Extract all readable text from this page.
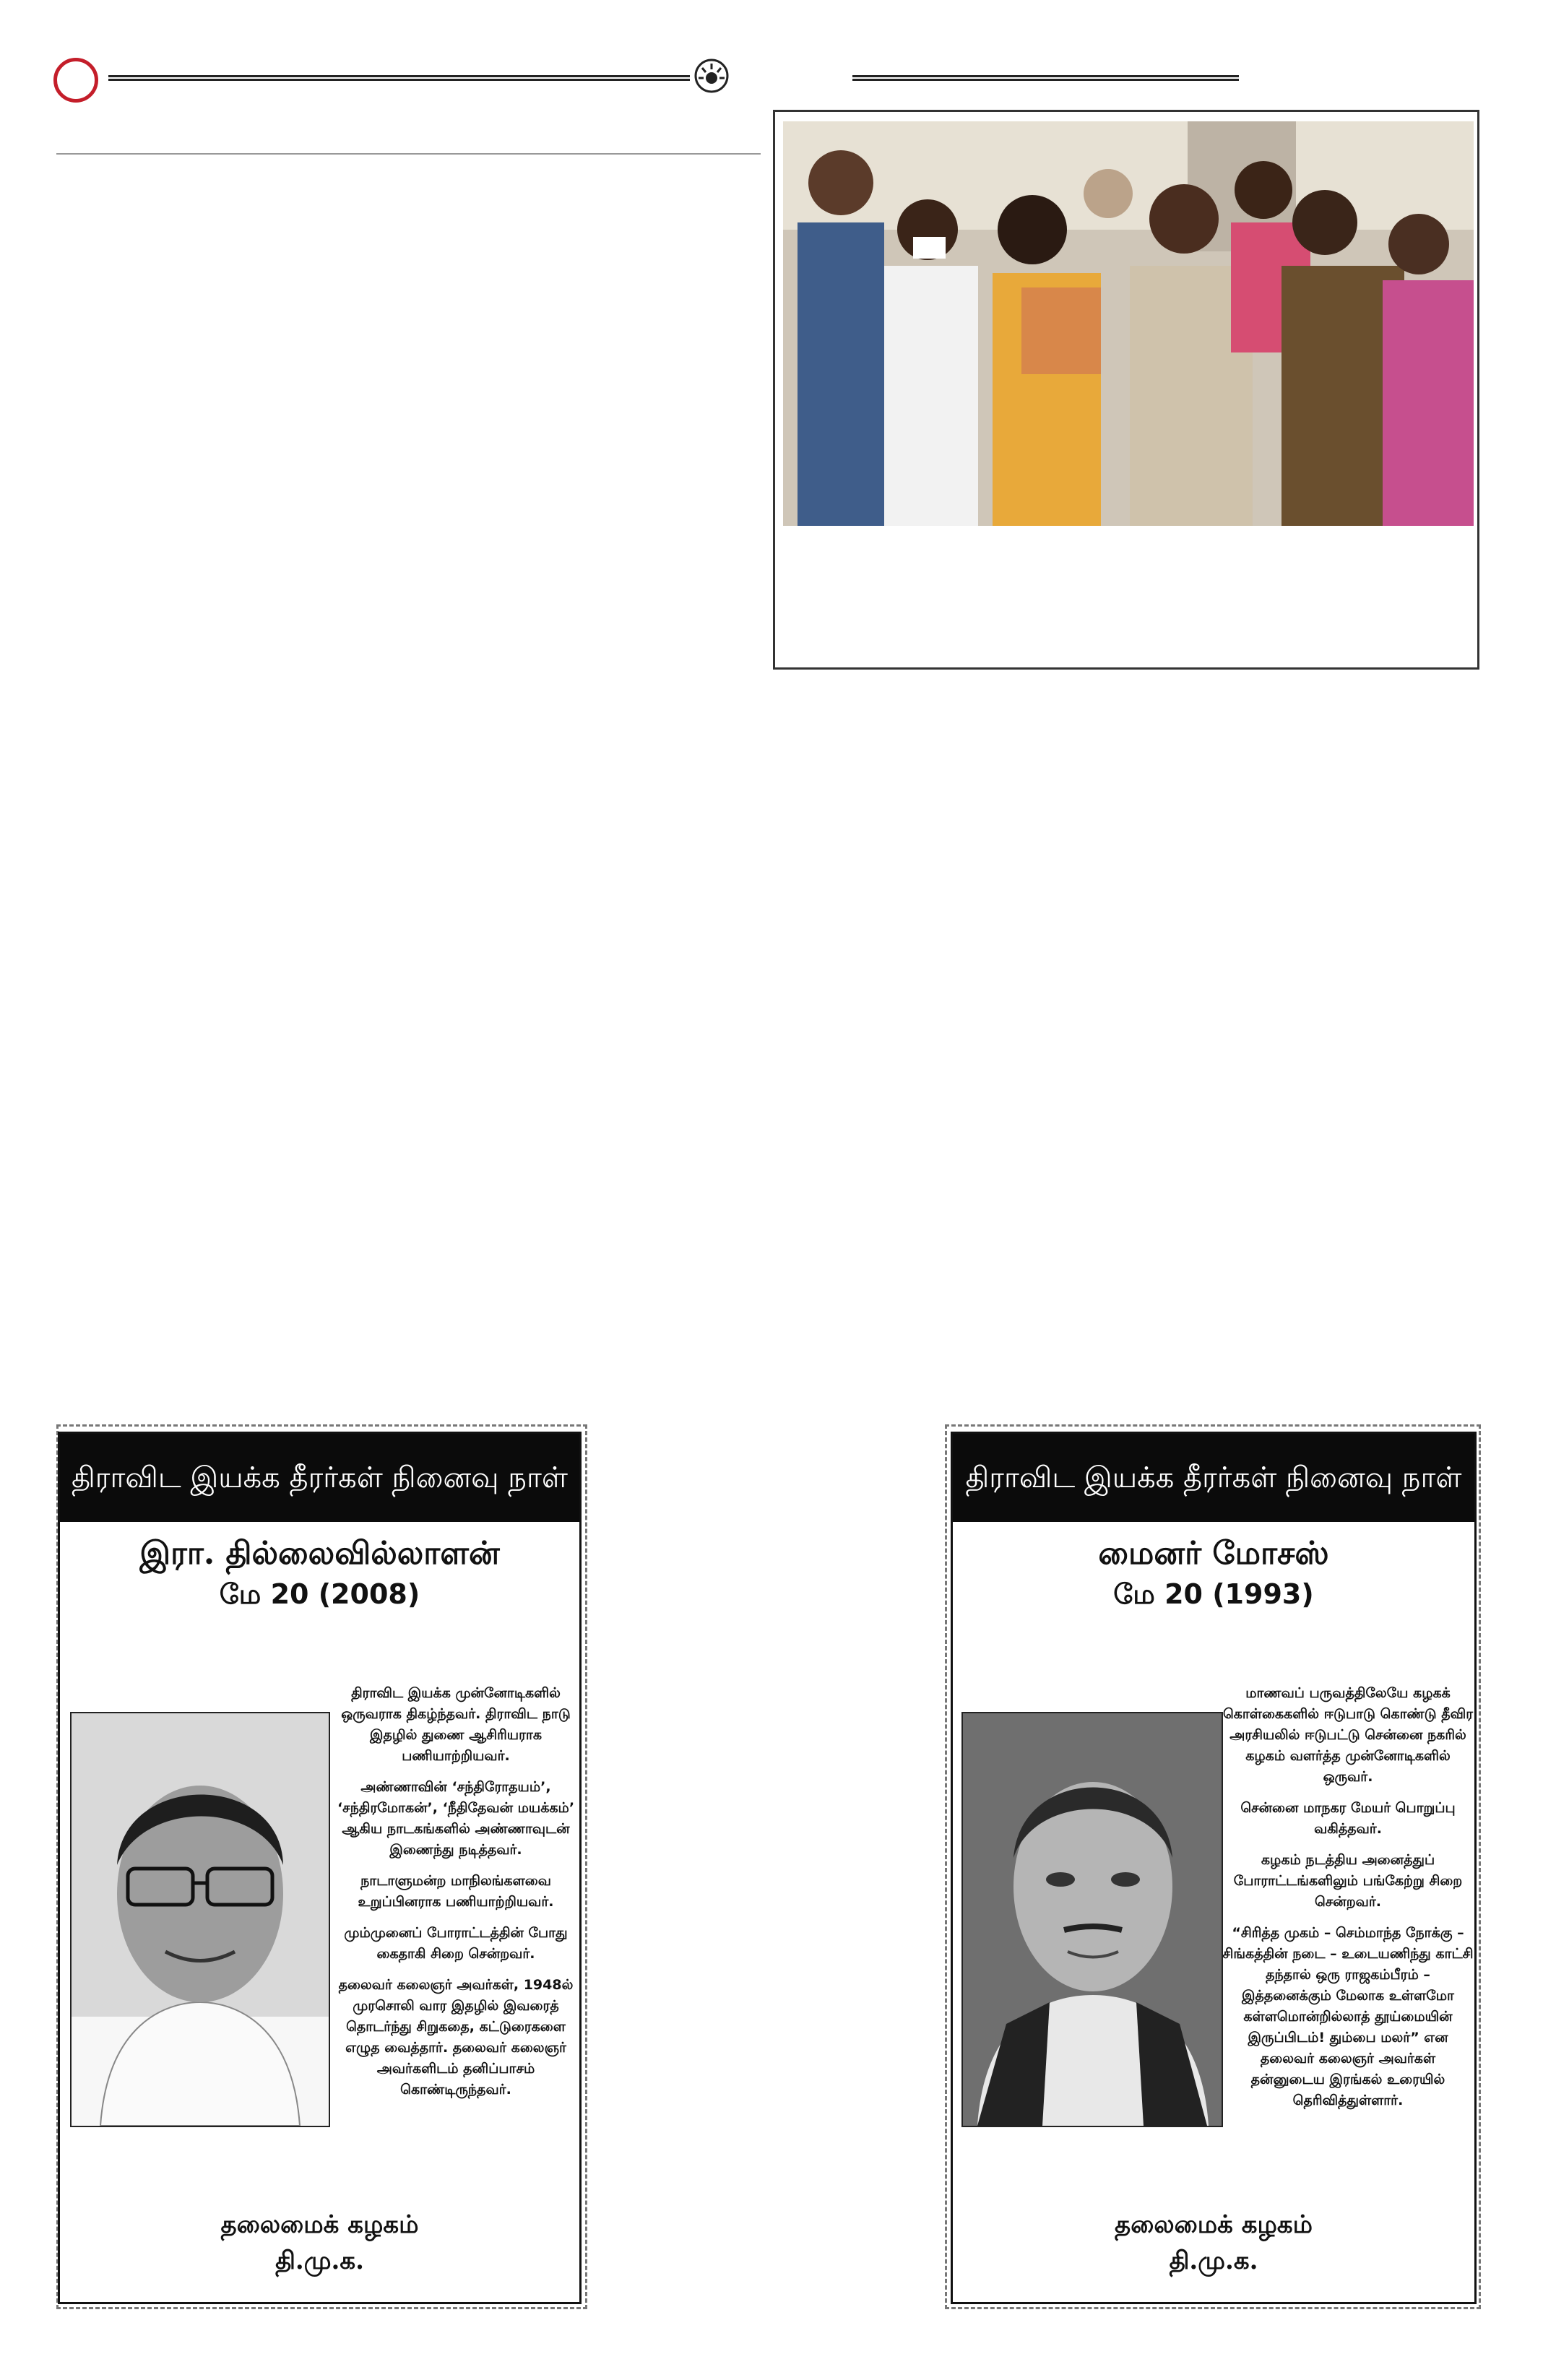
திராவிட இயக்க தீரர்கள் நினைவு நாள்
இரா. தில்லைவில்லாளன்
மே 20 (2008)

திராவிட இயக்க முன்னோடிகளில் ஒருவராக திகழ்ந்தவர். திராவிட நாடு இதழில் துணை ஆசிரியராக பணியாற்றியவர்.

அண்ணாவின் ‘சந்திரோதயம்’, ‘சந்திரமோகன்’, ‘நீதிதேவன் மயக்கம்’ ஆகிய நாடகங்களில் அண்ணாவுடன் இணைந்து நடித்தவர்.

நாடாளுமன்ற மாநிலங்களவை உறுப்பினராக பணியாற்றியவர்.

மும்முனைப் போராட்டத்தின் போது கைதாகி சிறை சென்றவர்.

தலைவர் கலைஞர் அவர்கள், 1948ல் முரசொலி வார இதழில் இவரைத் தொடர்ந்து சிறுகதை, கட்டுரைகளை எழுத வைத்தார். தலைவர் கலைஞர் அவர்களிடம் தனிப்பாசம் கொண்டிருந்தவர்.

தலைமைக் கழகம்
தி.மு.க.
திராவிட இயக்க தீரர்கள் நினைவு நாள்
மைனர் மோசஸ்
மே 20 (1993)

மாணவப் பருவத்திலேயே கழகக் கொள்கைகளில் ஈடுபாடு கொண்டு தீவிர அரசியலில் ஈடுபட்டு சென்னை நகரில் கழகம் வளர்த்த முன்னோடிகளில் ஒருவர்.

சென்னை மாநகர மேயர் பொறுப்பு வகித்தவர்.

கழகம் நடத்திய அனைத்துப் போராட்டங்களிலும் பங்கேற்று சிறை சென்றவர்.

“சிரித்த முகம் – செம்மாந்த நோக்கு – சிங்கத்தின் நடை – உடையணிந்து காட்சி தந்தால் ஒரு ராஜகம்பீரம் – இத்தனைக்கும் மேலாக உள்ளமோ கள்ளமொன்றில்லாத் தூய்மையின் இருப்பிடம்! தும்பை மலர்” என தலைவர் கலைஞர் அவர்கள் தன்னுடைய இரங்கல் உரையில் தெரிவித்துள்ளார்.

தலைமைக் கழகம்
தி.மு.க.
